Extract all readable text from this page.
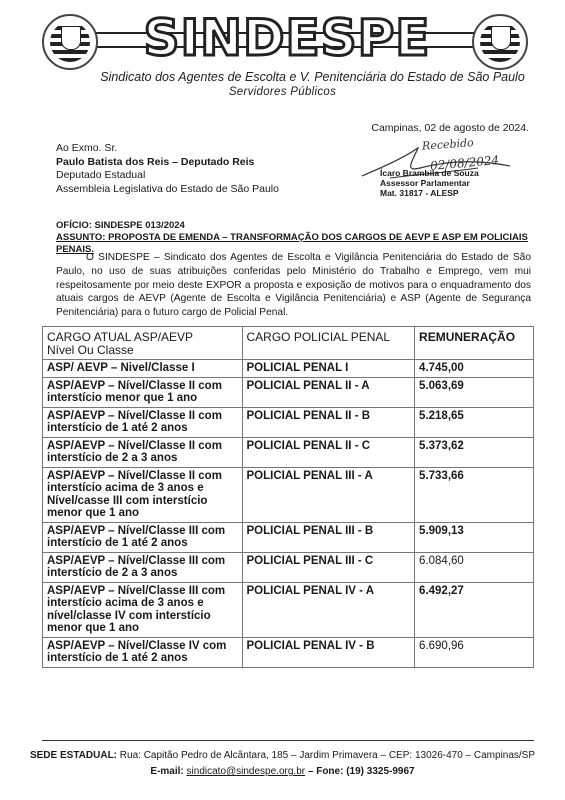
SINDESPE
Sindicato dos Agentes de Escolta e V. Penitenciária do Estado de São Paulo
Servidores Públicos
Campinas, 02 de agosto de 2024.
Ao Exmo. Sr.
Paulo Batista dos Reis – Deputado Reis
Deputado Estadual
Assembleia Legislativa do Estado de São Paulo
Recebido
02/08/2024
Ícaro Brambila de Souza
Assessor Parlamentar
Mat. 31817 - ALESP
OFÍCIO: SINDESPE 013/2024
ASSUNTO: PROPOSTA DE EMENDA – TRANSFORMAÇÃO DOS CARGOS DE AEVP E ASP EM POLICIAIS PENAIS.
O SINDESPE – Sindicato dos Agentes de Escolta e Vigilância Penitenciária do Estado de São Paulo, no uso de suas atribuições conferidas pelo Ministério do Trabalho e Emprego, vem mui respeitosamente por meio deste EXPOR a proposta e exposição de motivos para o enquadramento dos atuais cargos de AEVP (Agente de Escolta e Vigilância Penitenciária) e ASP (Agente de Segurança Penitenciária) para o futuro cargo de Policial Penal.
CARGO ATUAL ASP/AEVP
Nível Ou Classe	CARGO POLICIAL PENAL	REMUNERAÇÃO
ASP/ AEVP – Nivel/Classe I	POLICIAL PENAL I	4.745,00
ASP/AEVP – Nível/Classe II com interstício menor que 1 ano	POLICIAL PENAL II - A	5.063,69
ASP/AEVP – Nível/Classe II com interstício de 1 até 2 anos	POLICIAL PENAL II - B	5.218,65
ASP/AEVP – Nível/Classe II com interstício de 2 a 3 anos	POLICIAL PENAL II - C	5.373,62
ASP/AEVP – Nível/Classe II com interstício acima de 3 anos e Nível/casse III com interstício menor que 1 ano	POLICIAL PENAL III - A	5.733,66
ASP/AEVP – Nível/Classe III com interstício de 1 até 2 anos	POLICIAL PENAL III - B	5.909,13
ASP/AEVP – Nível/Classe III com interstício de 2 a 3 anos	POLICIAL PENAL III - C	6.084,60
ASP/AEVP – Nível/Classe III com interstício acima de 3 anos e nível/classe IV com interstício menor que 1 ano	POLICIAL PENAL IV - A	6.492,27
ASP/AEVP – Nível/Classe IV com interstício de 1 até 2 anos	POLICIAL PENAL IV - B	6.690,96
SEDE ESTADUAL: Rua: Capitão Pedro de Alcântara, 185 – Jardim Primavera – CEP: 13026-470 – Campinas/SP
E-mail: sindicato@sindespe.org.br – Fone: (19) 3325-9967
